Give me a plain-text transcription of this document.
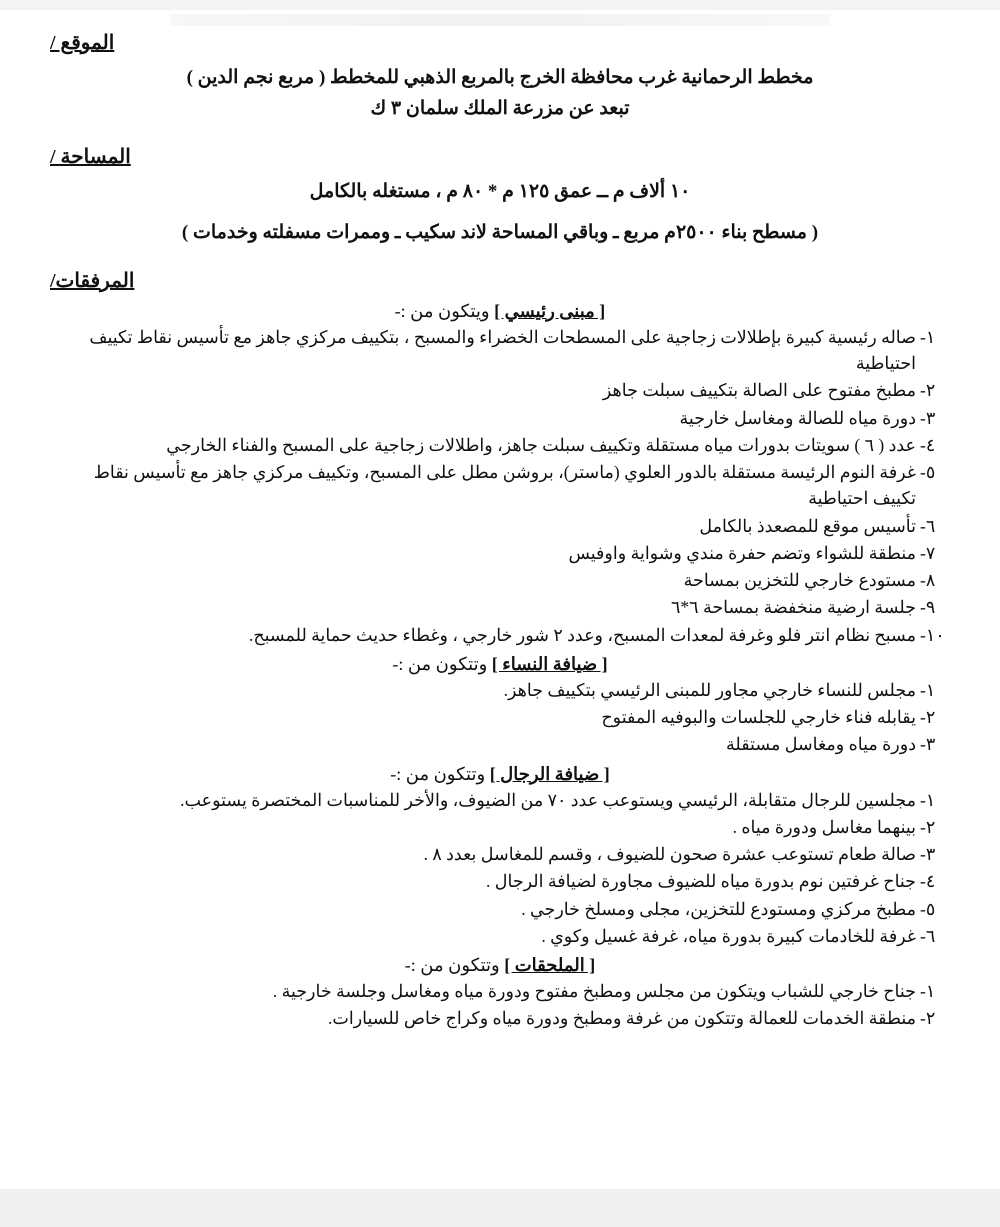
الموقع /
مخطط الرحمانية غرب محافظة الخرج بالمربع الذهبي للمخطط ( مربع نجم الدين )
تبعد عن مزرعة الملك سلمان ٣ ك
المساحة /
١٠ ألاف م ــ عمق ١٢٥ م * ٨٠ م ، مستغله بالكامل
( مسطح بناء ٢٥٠٠م مربع ـ وباقي المساحة لاند سكيب ـ وممرات مسفلته وخدمات )
المرفقات/
[ مبنى رئيسي ] ويتكون من :-
١-
صاله رئيسية كبيرة بإطلالات زجاجية على المسطحات الخضراء والمسبح ، بتكييف مركزي جاهز مع تأسيس نقاط تكييف احتياطية
٢-
مطبخ مفتوح على الصالة بتكييف سبلت جاهز
٣-
دورة مياه للصالة ومغاسل خارجية
٤-
عدد ( ٦ ) سويتات بدورات مياه مستقلة وتكييف سبلت جاهز، واطلالات زجاجية على المسبح والفناء الخارجي
٥-
غرفة النوم الرئيسة مستقلة بالدور العلوي (ماستر)، بروشن مطل على المسبح، وتكييف مركزي جاهز مع تأسيس نقاط تكييف احتياطية
٦-
تأسيس موقع للمصعدذ بالكامل
٧-
منطقة للشواء وتضم حفرة مندي وشواية واوفيس
٨-
مستودع خارجي للتخزين بمساحة
٩-
جلسة ارضية منخفضة بمساحة ٦*٦
١٠-
مسبح نظام انتر فلو وغرفة لمعدات المسبح، وعدد ٢ شور خارجي ، وغطاء حديث حماية للمسبح.
[ ضيافة النساء ] وتتكون من :-
١-
مجلس للنساء خارجي مجاور للمبنى الرئيسي بتكييف جاهز.
٢-
يقابله فناء خارجي للجلسات والبوفيه المفتوح
٣-
دورة مياه ومغاسل مستقلة
[ ضيافة الرجال ] وتتكون من :-
١-
مجلسين للرجال متقابلة، الرئيسي ويستوعب عدد ٧٠ من الضيوف، والأخر للمناسبات المختصرة يستوعب.
٢-
بينهما مغاسل ودورة مياه .
٣-
صالة طعام تستوعب عشرة صحون للضيوف ، وقسم للمغاسل بعدد ٨ .
٤-
جناح غرفتين نوم بدورة مياه للضيوف مجاورة لضيافة الرجال .
٥-
مطبخ مركزي ومستودع للتخزين، مجلى ومسلخ خارجي .
٦-
غرفة للخادمات كبيرة بدورة مياه، غرفة غسيل وكوي .
[ الملحقات ] وتتكون من :-
١-
جناح خارجي للشباب ويتكون من مجلس ومطبخ مفتوح ودورة مياه ومغاسل وجلسة خارجية .
٢-
منطقة الخدمات للعمالة وتتكون من غرفة ومطبخ ودورة مياه وكراج خاص للسيارات.
